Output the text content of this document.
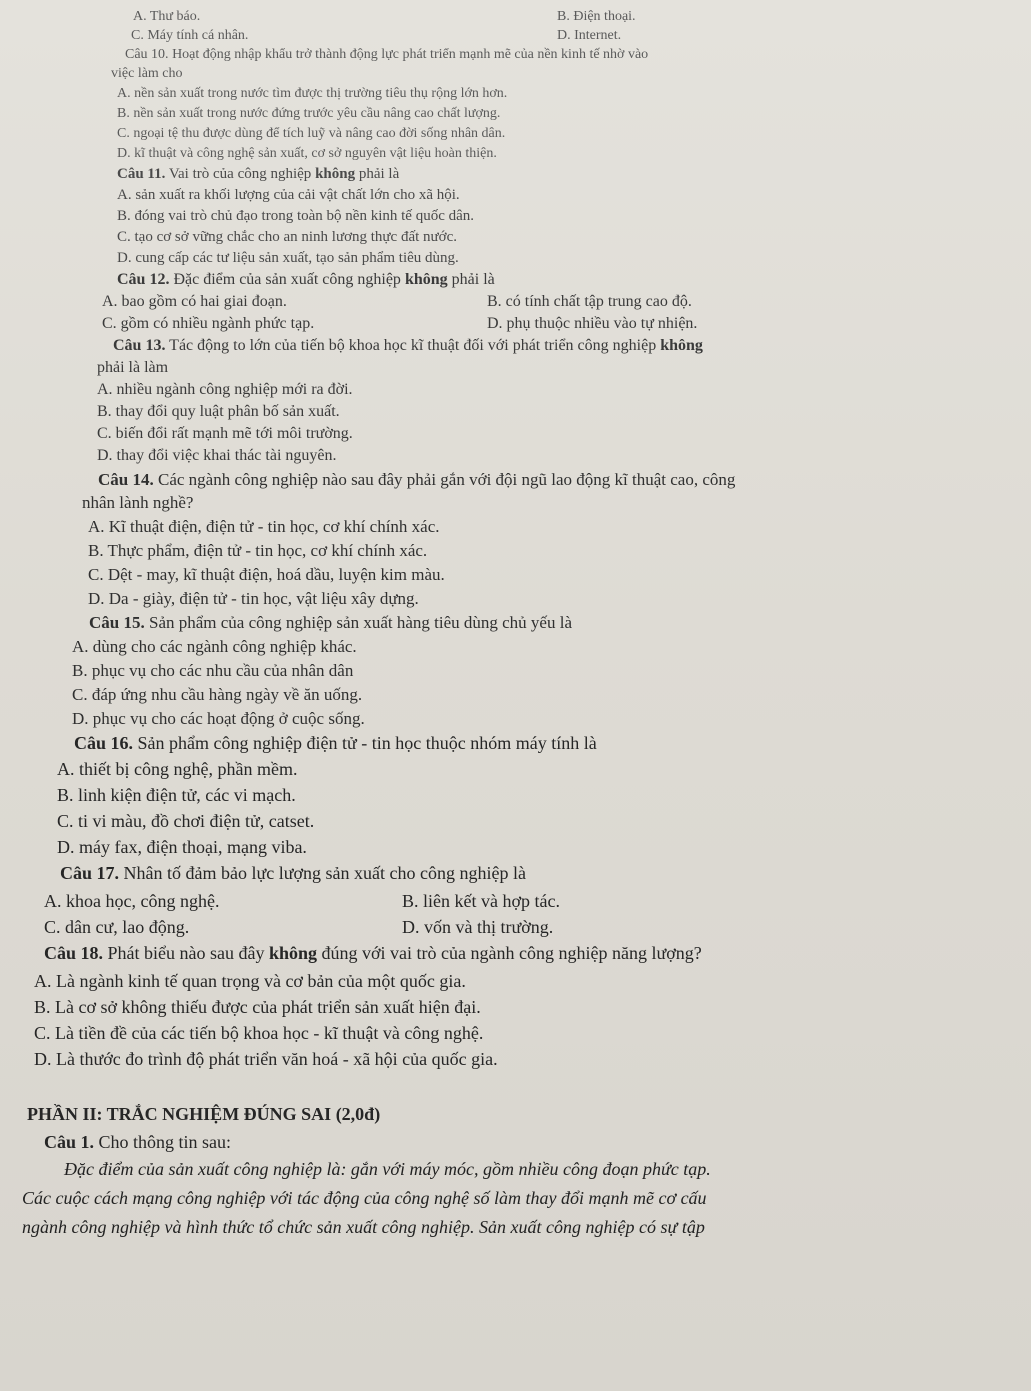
A. Thư báo.	B. Điện thoại.
C. Máy tính cá nhân.	D. Internet.
Câu 10. Hoạt động nhập khẩu trở thành động lực phát triển mạnh mẽ của nền kinh tế nhờ vào
việc làm cho
A. nền sản xuất trong nước tìm được thị trường tiêu thụ rộng lớn hơn.
B. nền sản xuất trong nước đứng trước yêu cầu nâng cao chất lượng.
C. ngoại tệ thu được dùng để tích luỹ và nâng cao đời sống nhân dân.
D. kĩ thuật và công nghệ sản xuất, cơ sở nguyên vật liệu hoàn thiện.
Câu 11. Vai trò của công nghiệp không phải là
A. sản xuất ra khối lượng của cải vật chất lớn cho xã hội.
B. đóng vai trò chủ đạo trong toàn bộ nền kinh tế quốc dân.
C. tạo cơ sở vững chắc cho an ninh lương thực đất nước.
D. cung cấp các tư liệu sản xuất, tạo sản phẩm tiêu dùng.
Câu 12. Đặc điểm của sản xuất công nghiệp không phải là
A. bao gồm có hai giai đoạn.	B. có tính chất tập trung cao độ.
C. gồm có nhiều ngành phức tạp.	D. phụ thuộc nhiều vào tự nhiện.
Câu 13. Tác động to lớn của tiến bộ khoa học kĩ thuật đối với phát triển công nghiệp không
phải là làm
A. nhiều ngành công nghiệp mới ra đời.
B. thay đổi quy luật phân bố sản xuất.
C. biến đổi rất mạnh mẽ tới môi trường.
D. thay đổi việc khai thác tài nguyên.
Câu 14. Các ngành công nghiệp nào sau đây phải gắn với đội ngũ lao động kĩ thuật cao, công
nhân lành nghề?
A. Kĩ thuật điện, điện tử - tin học, cơ khí chính xác.
B. Thực phẩm, điện tử - tin học, cơ khí chính xác.
C. Dệt - may, kĩ thuật điện, hoá dầu, luyện kim màu.
D. Da - giày, điện tử - tin học, vật liệu xây dựng.
Câu 15. Sản phẩm của công nghiệp sản xuất hàng tiêu dùng chủ yếu là
A. dùng cho các ngành công nghiệp khác.
B. phục vụ cho các nhu cầu của nhân dân
C. đáp ứng nhu cầu hàng ngày về ăn uống.
D. phục vụ cho các hoạt động ở cuộc sống.
Câu 16. Sản phẩm công nghiệp điện tử - tin học thuộc nhóm máy tính là
A. thiết bị công nghệ, phần mềm.
B. linh kiện điện tử, các vi mạch.
C. ti vi màu, đồ chơi điện tử, catset.
D. máy fax, điện thoại, mạng viba.
Câu 17. Nhân tố đảm bảo lực lượng sản xuất cho công nghiệp là
A. khoa học, công nghệ.	B. liên kết và hợp tác.
C. dân cư, lao động.	D. vốn và thị trường.
Câu 18. Phát biểu nào sau đây không đúng với vai trò của ngành công nghiệp năng lượng?
A. Là ngành kinh tế quan trọng và cơ bản của một quốc gia.
B. Là cơ sở không thiếu được của phát triển sản xuất hiện đại.
C. Là tiền đề của các tiến bộ khoa học - kĩ thuật và công nghệ.
D. Là thước đo trình độ phát triển văn hoá - xã hội của quốc gia.
PHẦN II: TRẮC NGHIỆM ĐÚNG SAI (2,0đ)
Câu 1. Cho thông tin sau:
Đặc điểm của sản xuất công nghiệp là: gắn với máy móc, gồm nhiều công đoạn phức tạp.
Các cuộc cách mạng công nghiệp với tác động của công nghệ số làm thay đổi mạnh mẽ cơ cấu
ngành công nghiệp và hình thức tổ chức sản xuất công nghiệp. Sản xuất công nghiệp có sự tập
